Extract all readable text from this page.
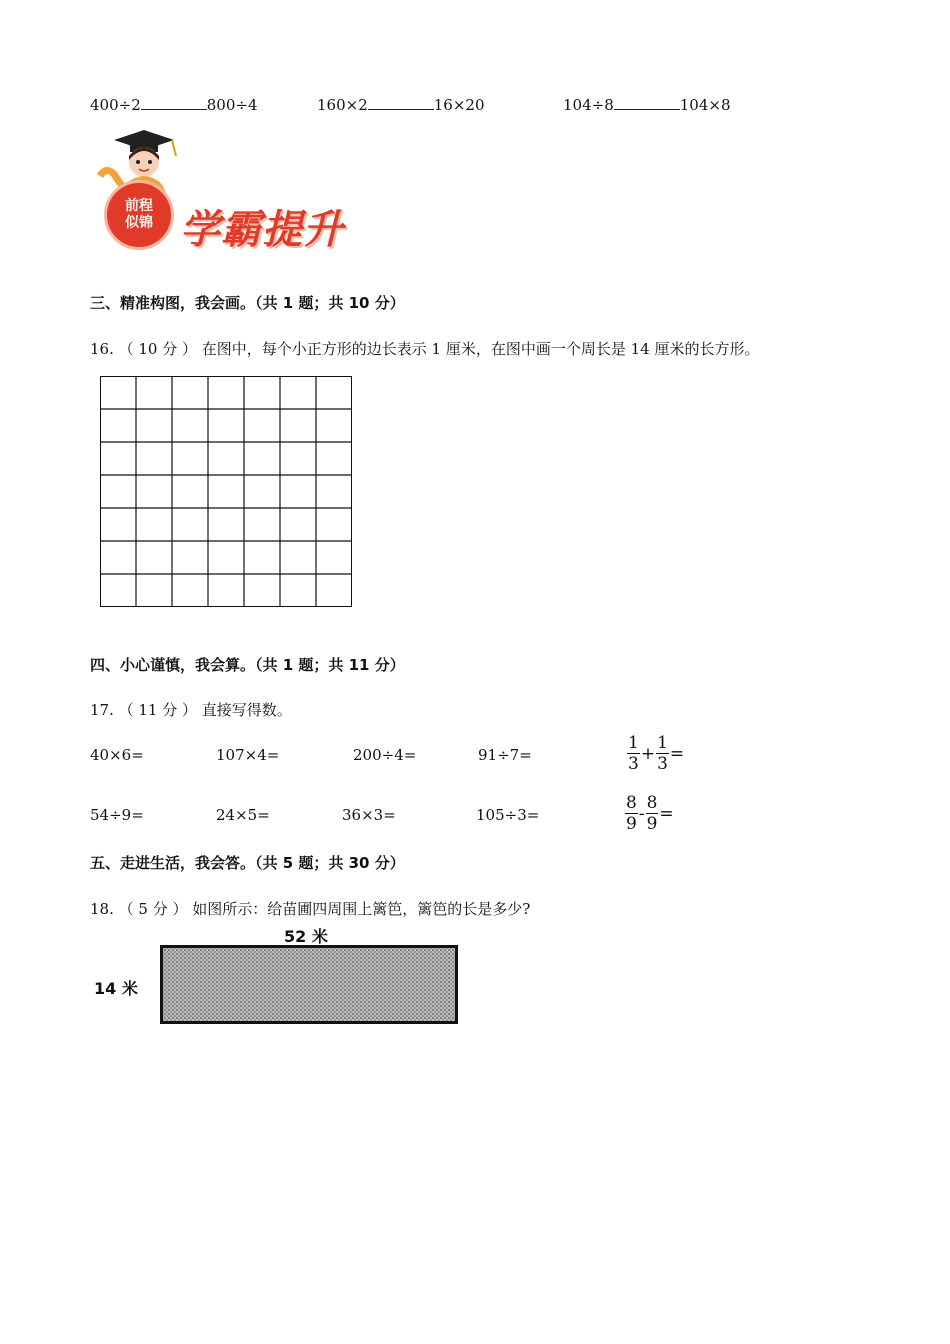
400÷2	800÷4	160×2	16×20	104÷8	104×8
前程似锦 学霸提升
三、精准构图，我会画。（共 1 题；共 10 分）
16. （ 10 分 ） 在图中，每个小正方形的边长表示 1 厘米，在图中画一个周长是 14 厘米的长方形。
四、小心谨慎，我会算。（共 1 题；共 11 分）
17. （ 11 分 ） 直接写得数。
40×6=	107×4=	200÷4=	91÷7=	$\frac{1}{3} + \frac{1}{3}$ =
54÷9=	24×5=	36×3=	105÷3=	$\frac{8}{9} - \frac{8}{9}$ =
五、走进生活，我会答。（共 5 题；共 30 分）
18. （ 5 分 ） 如图所示：给苗圃四周围上篱笆，篱笆的长是多少?
52 米
14 米
